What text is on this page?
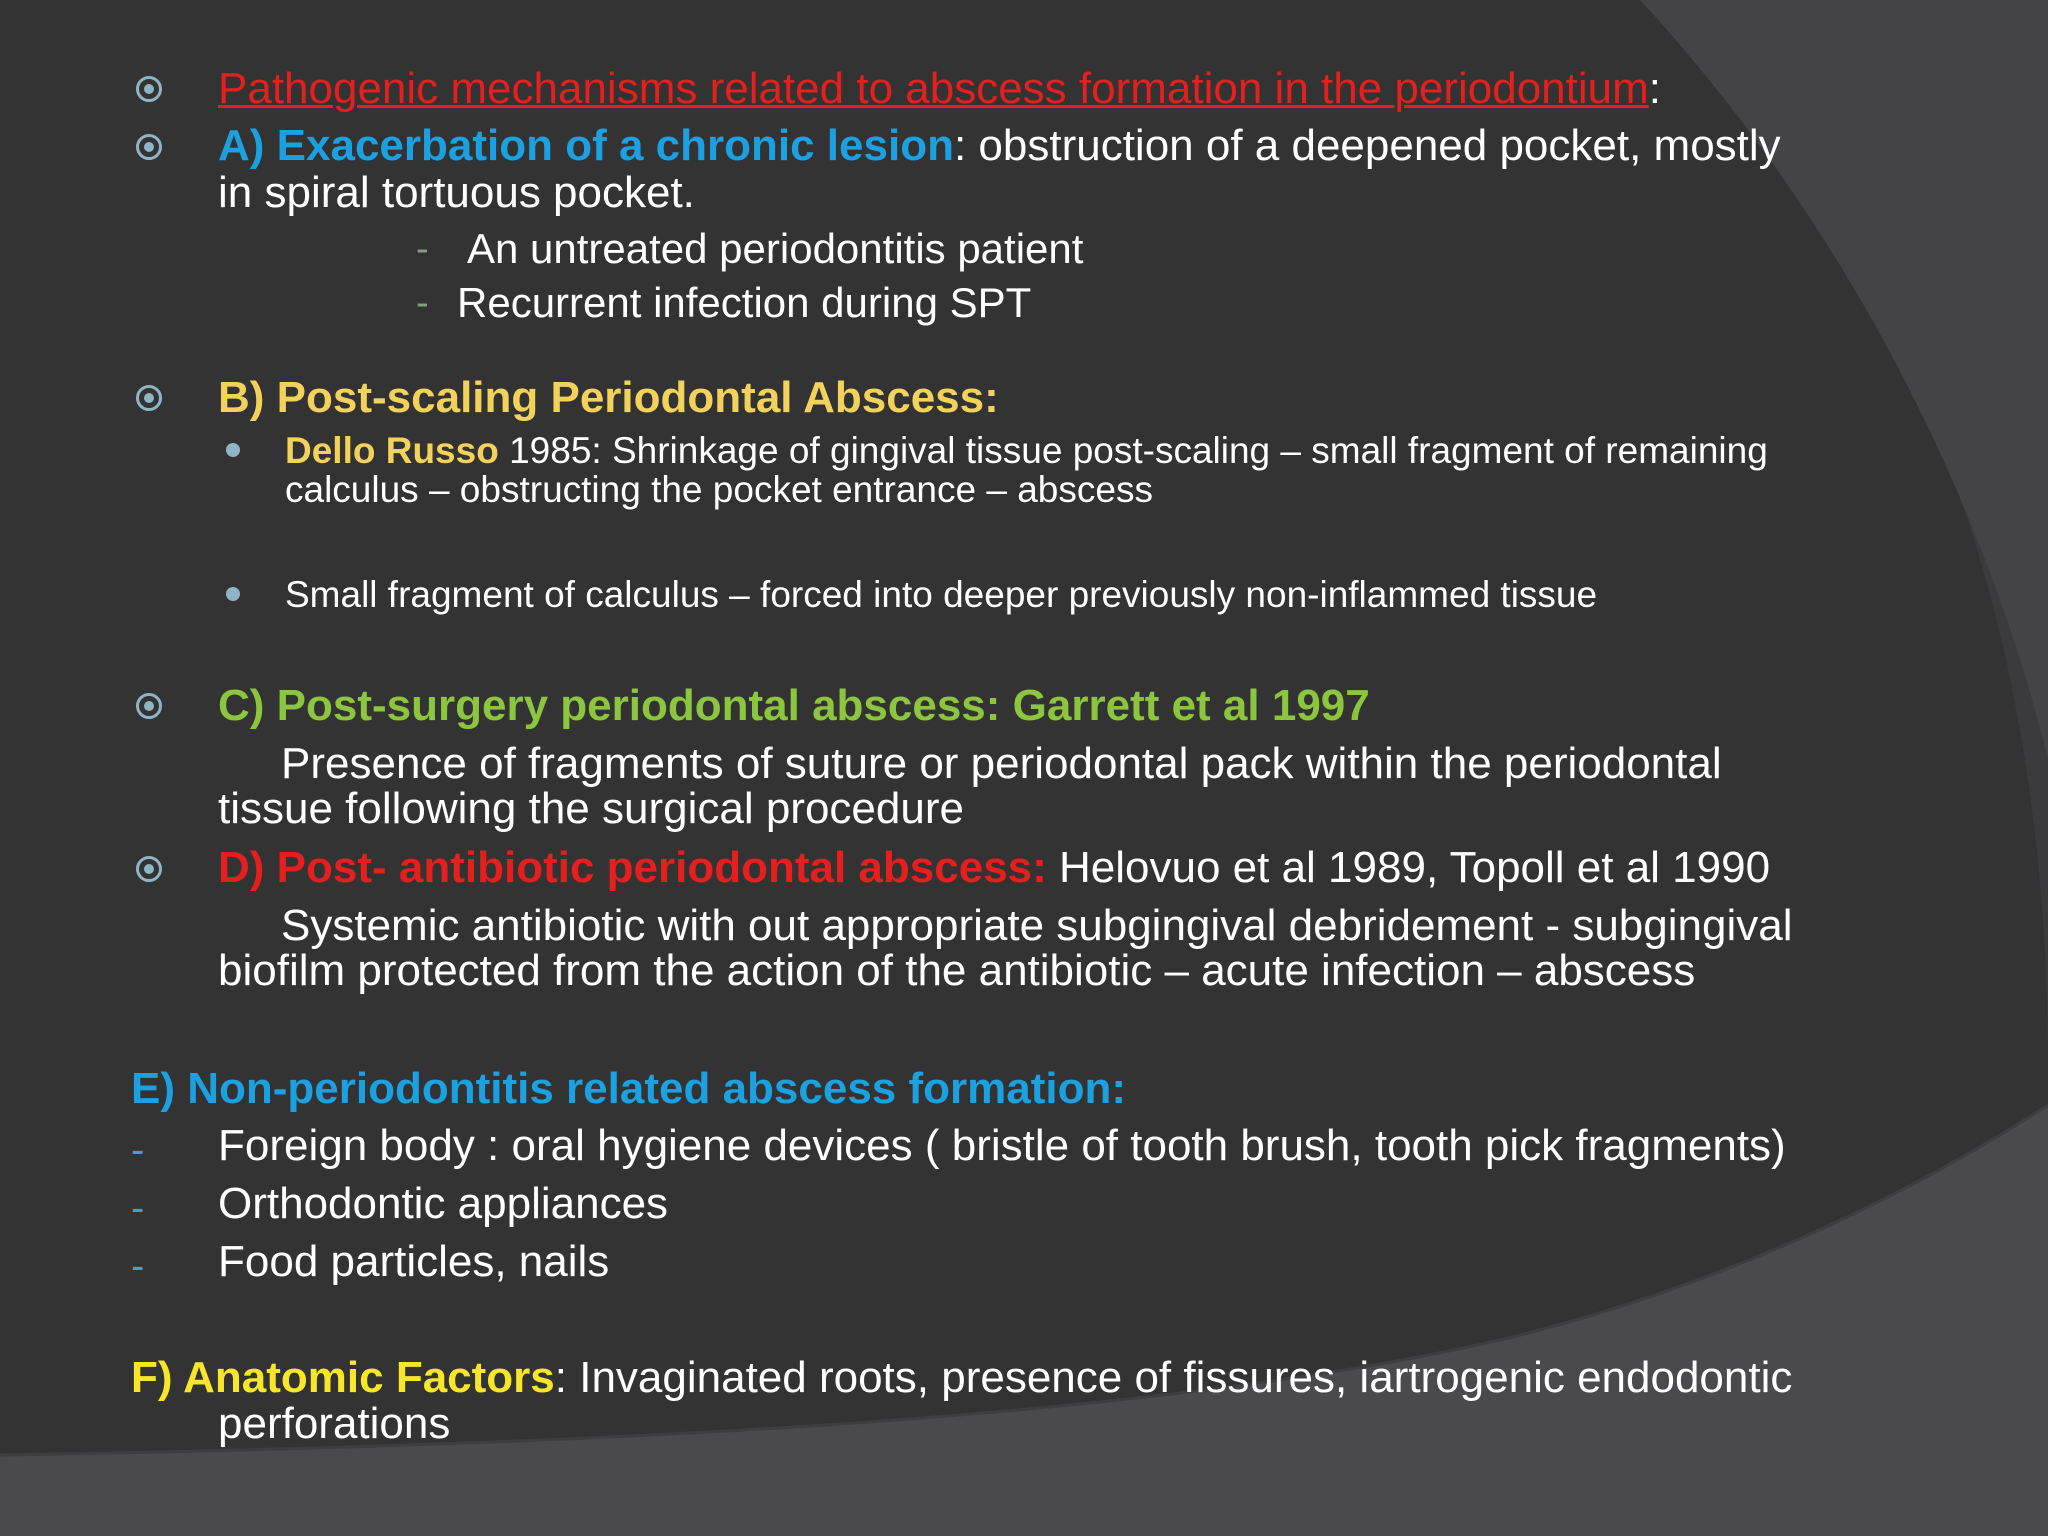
Pathogenic mechanisms related to abscess formation in the periodontium:
A) Exacerbation of a chronic lesion: obstruction of a deepened pocket, mostly
in spiral tortuous pocket.
- An untreated periodontitis patient
- Recurrent infection during SPT
B) Post-scaling Periodontal Abscess:
Dello Russo 1985: Shrinkage of gingival tissue post-scaling – small fragment of remaining
calculus – obstructing the pocket entrance – abscess
Small fragment of calculus – forced into deeper previously non-inflammed tissue
C) Post-surgery periodontal abscess: Garrett et al 1997
Presence of fragments of suture or periodontal pack within the periodontal
tissue following the surgical procedure
D) Post- antibiotic periodontal abscess: Helovuo et al 1989, Topoll et al 1990
Systemic antibiotic with out appropriate subgingival debridement - subgingival
biofilm protected from the action of the antibiotic – acute infection – abscess
E) Non-periodontitis related abscess formation:
- Foreign body : oral hygiene devices ( bristle of tooth brush, tooth pick fragments)
- Orthodontic appliances
- Food particles, nails
F) Anatomic Factors: Invaginated roots, presence of fissures, iartrogenic endodontic
perforations
